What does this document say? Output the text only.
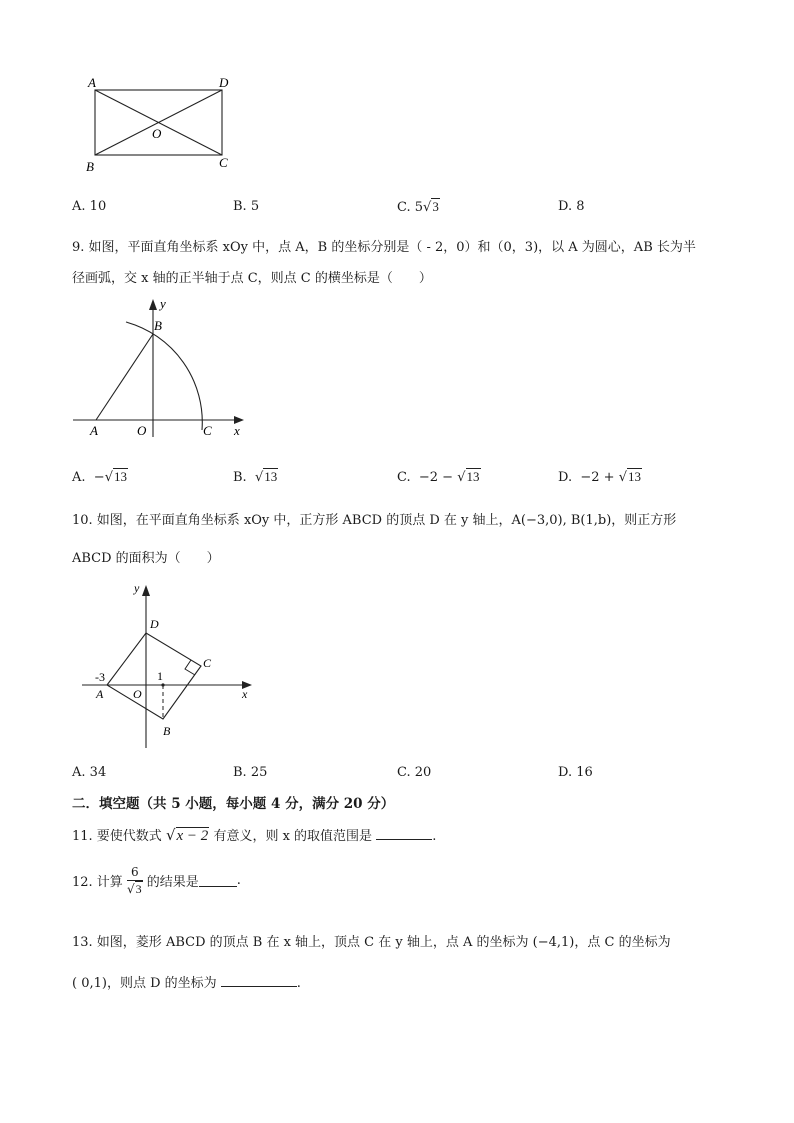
A	D
B	C
O
A. 10	B. 5	C. 5√3	D. 8
9. 如图，平面直角坐标系 xOy 中，点 A，B 的坐标分别是（ - 2，0）和（0，3)，以 A 为圆心，AB 长为半
径画弧，交 x 轴的正半轴于点 C，则点 C 的横坐标是（　　）
y
B
A	O	C x
A. −√13	B. √13	C. −2 − √13	D. −2 + √13
10. 如图，在平面直角坐标系 xOy 中，正方形 ABCD 的顶点 D 在 y 轴上，A(−3,0), B(1,b)，则正方形
ABCD 的面积为（　　）
y
D
C
-3	1
A O
B
x
A. 34	B. 25	C. 20	D. 16
二．填空题（共 5 小题，每小题 4 分，满分 20 分）
11. 要使代数式 √x − 2 有意义，则 x 的取值范围是	.
12. 计算 $\frac{6}{√3}$ 的结果是	.
13. 如图，菱形 ABCD 的顶点 B 在 x 轴上，顶点 C 在 y 轴上，点 A 的坐标为 (−4,1)，点 C 的坐标为
( 0,1)，则点 D 的坐标为	.
